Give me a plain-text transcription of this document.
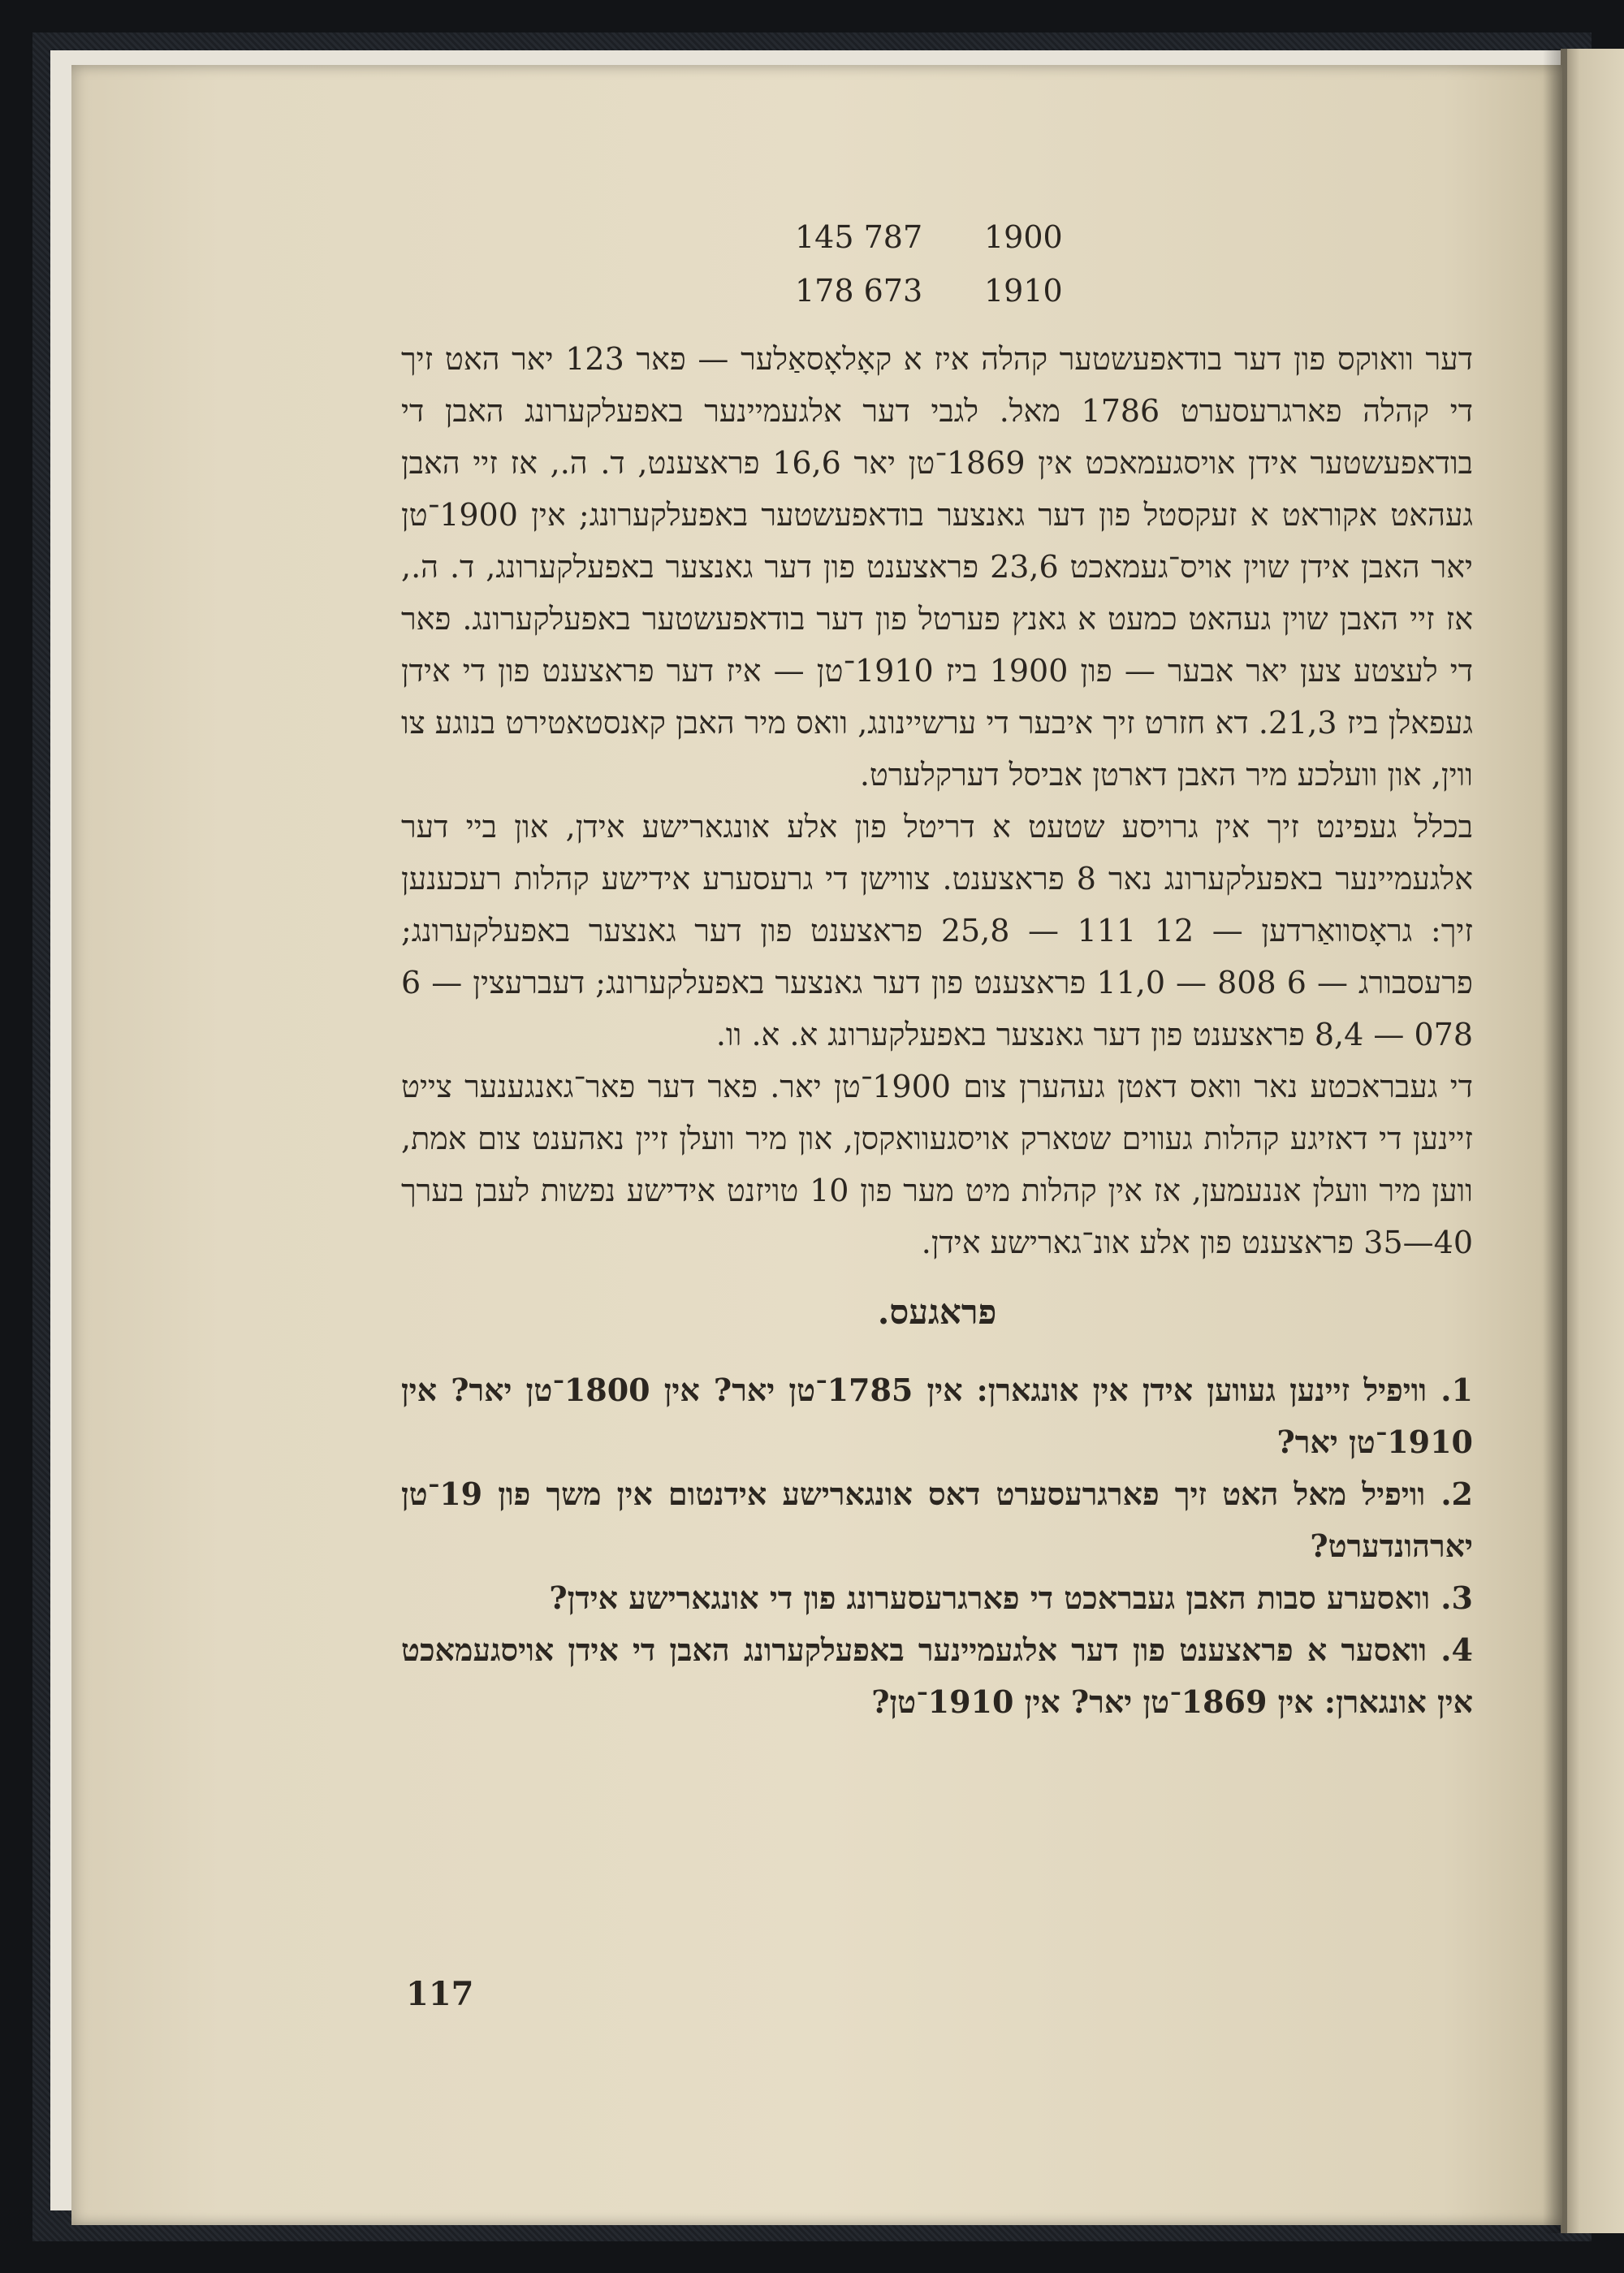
1900
145 787
1910
178 673

דער וואוקס פון דער בודאפעשטער קהלה איז א קאָלאָסאַלער — פאר 123 יאר האט זיך די קהלה פארגרעסערט 1786 מאל. לגבי דער אלגעמיינער באפעלקערונג האבן די בודאפעשטער אידן אויסגעמאכט אין 1869־טן יאר 16,6 פראצענט, ד. ה., אז זיי האבן געהאט אקוראט א זעקסטל פון דער גאנצער בודאפעשטער באפעלקערונג; אין 1900־טן יאר האבן אידן שוין אויס־געמאכט 23,6 פראצענט פון דער גאנצער באפעלקערונג, ד. ה., אז זיי האבן שוין געהאט כמעט א גאנץ פערטל פון דער בודאפעשטער באפעלקערונג. פאר די לעצטע צען יאר אבער — פון 1900 ביז 1910־טן — איז דער פראצענט פון די אידן געפאלן ביז 21,3. דא חזרט זיך איבער די ערשיינונג, וואס מיר האבן קאנסטאטירט בנוגע צו ווין, און וועלכע מיר האבן דארטן אביסל דערקלערט.

בכלל געפינט זיך אין גרויסע שטעט א דריטל פון אלע אונגארישע אידן, און ביי דער אלגעמיינער באפעלקערונג נאר 8 פראצענט. צווישן די גרעסערע אידישע קהלות רעכענען זיך: גראָסוואַרדען — 12 111 — 25,8 פראצענט פון דער גאנצער באפעלקערונג; פרעסבורג — 6 808 — 11,0 פראצענט פון דער גאנצער באפעלקערונג; דעברעצין — 6 078 — 8,4 פראצענט פון דער גאנצער באפעלקערונג א. א. וו.

די געבראכטע נאר וואס דאטן געהערן צום 1900־טן יאר. פאר דער פאר־גאנגענער צייט זיינען די דאזיגע קהלות געווים שטארק אויסגעוואקסן, און מיר וועלן זיין נאהענט צום אמת, ווען מיר וועלן אננעמען, אז אין קהלות מיט מער פון 10 טויזנט אידישע נפשות לעבן בערך 40—35 פראצענט פון אלע אונ־גארישע אידן.

פראגעס.

1. וויפיל זיינען געווען אידן אין אונגארן: אין 1785־טן יאר? אין 1800־טן יאר? אין 1910־טן יאר?

2. וויפיל מאל האט זיך פארגרעסערט דאס אונגארישע אידנטום אין משך פון 19־טן יארהונדערט?

3. וואסערע סבות האבן געבראכט די פארגרעסערונג פון די אונגארישע אידן?

4. וואסער א פראצענט פון דער אלגעמיינער באפעלקערונג האבן די אידן אויסגעמאכט אין אונגארן: אין 1869־טן יאר? אין 1910־טן?

117
